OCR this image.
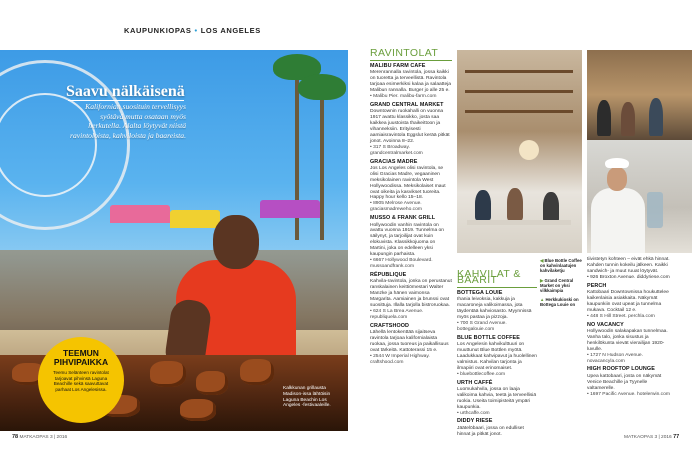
KAUPUNKIOPAS • LOS ANGELES
Saavu nälkäisenä
Kalifornian suosituin tervellisyys syötävä mutta osataan myös herkutella. Alalta löytyvät niistä ravintoloista, kahviloista ja baareista.
TEEMUN PIHVIPAIKKA
Teemu Selänteen ravintolat tarjoavat pihvinsä Laguna Beachille sekä saavuttavat parhaat Los Angelesissa.	Kalkkunan grillausta Madison-issa lähtöisin Laguna Beachin Los Angeles -festivaaleille.
RAVINTOLAT
MALIBU FARM CAFE

Merenrannalla ravintola, jossa kaikki on tuoretta ja terveellistä. Ravintola tarjoaa esimerkiksi kalaa ja salaatteja Malibun rannalla. Burger jo alle 25 e.

• Malibu Pier. malibu-farm.com

GRAND CENTRAL MARKET

Downtownin ruokahalli on vuonna 1917 avattu klassikko, josta saa kaikkea juustoista thaikeittoon ja vihanneksiin. Erityisesti aamiaisravintola Eggslut kerää pitkät jonot. Avoinna 8–22.

• 317 S Broadway. grandcentralmarket.com

GRACIAS MADRE

Jos Los Angeles olisi ravintola, se olisi Gracias Madre, vegaaninen meksikolainen ravintola West Hollywoodissa. Meksikolaiset maut ovat oikeita ja kasvikset tuoreita. Happy hour kello 15–18.

• 8905 Melrose Avenue. graciasmadreweho.com

MUSSO & FRANK GRILL

Hollywoodin vanhin ravintola on avattu vuonna 1919. Tunnelma on säilynyt, ja tarjoilijat ovat kuin elokuvista. Klassikkojuoma on Martini, joka on edelleen yksi kaupungin parhaista.

• 6667 Hollywood Boulevard. mussoandfrank.com

RÉPUBLIQUE

Kahvila-ravintola, jonka on perustanut ranskalainen keittiömestari Walter Manzke ja hänen vaimonsa Margarita. Aamiainen ja brunssi ovat suosittuja. Illalla tarjolla bistroruokaa.

• 624 S La Brea Avenue. republiquela.com

CRAFTSHOOD

Lähellä lentokenttää sijaitseva ravintola tarjoaa kalifornialaista ruokaa, jossa tuoreus ja paikallisuus ovat tärkeitä. Kattoterassi 15 e.

• 2544 W Imperial Highway. craftshood.com

KAHVILAT & BAARIT
BOTTEGA LOUIE

Ihania leivoksia, kakkuja ja macaroneja valikoimassa, jota täydentää kahviosasto. Myynnissä myös pastaa ja pizzoja.

• 700 S Grand Avenue. bottegalouie.com

BLUE BOTTLE COFFEE

Los Angelesin kahvikulttuuri on muuttunut Blue Bottlen myötä. Laadukkaat kahvipavut ja huolellinen valmistus. Kahvilan tarjonta ja ilmapiiri ovat erinomaiset.

• bluebottlecoffee.com

URTH CAFFÉ

Luomukahvila, jossa on laaja valikoima kahvia, teetä ja terveellisiä ruokia. Useita toimipisteitä ympäri kaupunkia.

• urthcaffe.com

DIDDY RIESE

Jäätelöbaari, jossa on edulliset hinnat ja pitkät jonot.

◀ Blue Bottle Coffee on kahvinlaatujen kahvilaketju

▶ Grand Central Market on yksi vilkkaimpia

▲ Herkkukioski on Bottega Louie on

tiivistetyn kohteen – eivät ehkä hinnat. Kahden tunnin kokeilu jälkeen. Kaikki sandwich- ja muut ruuat löytyvät.

• 926 Broxton Avenue. diddyriese.com

PERCH

Kattobaari Downtownissa houkuttelee kaikenlaisia asiakkaita. Näkymät kaupunkiin ovat upeat ja tunnelma mukava. Cocktail 12 e.

• 448 S Hill Street. perchla.com

NO VACANCY

Hollywoodin salakapakan tunnelmaa. Vanha talo, jonka sisustus ja henkilökunta vievät vierailijan 1920-luvulle.

• 1727 N Hudson Avenue. novacancyla.com

HIGH ROOFTOP LOUNGE

Upea kattobaari, josta on näkymät Venice Beachille ja Tyynelle valtamerelle.

• 1697 Pacific Avenue. hotelerwin.com

78 MATKAOPAS 3 | 2016	MATKAOPAS 3 | 2016 77
